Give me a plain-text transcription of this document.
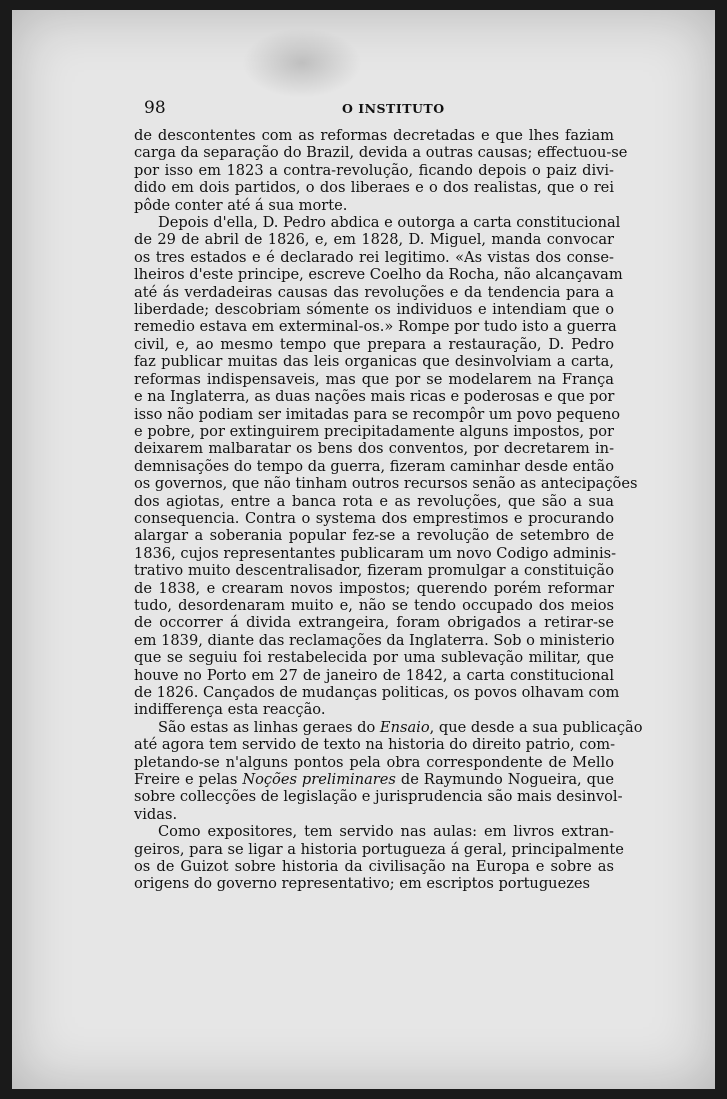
98	O INSTITUTO

de descontentes com as reformas decretadas e que lhes faziam
carga da separação do Brazil, devida a outras causas; effectuou-se
por isso em 1823 a contra-revolução, ficando depois o paiz divi-
dido em dois partidos, o dos liberaes e o dos realistas, que o rei
pôde conter até á sua morte.

Depois d'ella, D. Pedro abdica e outorga a carta constitucional
de 29 de abril de 1826, e, em 1828, D. Miguel, manda convocar
os tres estados e é declarado rei legitimo. «As vistas dos conse-
lheiros d'este principe, escreve Coelho da Rocha, não alcançavam
até ás verdadeiras causas das revoluções e da tendencia para a
liberdade; descobriam sómente os individuos e intendiam que o
remedio estava em exterminal-os.» Rompe por tudo isto a guerra
civil, e, ao mesmo tempo que prepara a restauração, D. Pedro
faz publicar muitas das leis organicas que desinvolviam a carta,
reformas indispensaveis, mas que por se modelarem na França
e na Inglaterra, as duas nações mais ricas e poderosas e que por
isso não podiam ser imitadas para se recompôr um povo pequeno
e pobre, por extinguirem precipitadamente alguns impostos, por
deixarem malbaratar os bens dos conventos, por decretarem in-
demnisações do tempo da guerra, fizeram caminhar desde então
os governos, que não tinham outros recursos senão as antecipações
dos agiotas, entre a banca rota e as revoluções, que são a sua
consequencia. Contra o systema dos emprestimos e procurando
alargar a soberania popular fez-se a revolução de setembro de
1836, cujos representantes publicaram um novo Codigo adminis-
trativo muito descentralisador, fizeram promulgar a constituição
de 1838, e crearam novos impostos; querendo porém reformar
tudo, desordenaram muito e, não se tendo occupado dos meios
de occorrer á divida extrangeira, foram obrigados a retirar-se
em 1839, diante das reclamações da Inglaterra. Sob o ministerio
que se seguiu foi restabelecida por uma sublevação militar, que
houve no Porto em 27 de janeiro de 1842, a carta constitucional
de 1826. Cançados de mudanças politicas, os povos olhavam com
indifferença esta reacção.

São estas as linhas geraes do Ensaio, que desde a sua publicação
até agora tem servido de texto na historia do direito patrio, com-
pletando-se n'alguns pontos pela obra correspondente de Mello
Freire e pelas Noções preliminares de Raymundo Nogueira, que
sobre collecções de legislação e jurisprudencia são mais desinvol-
vidas.

Como expositores, tem servido nas aulas: em livros extran-
geiros, para se ligar a historia portugueza á geral, principalmente
os de Guizot sobre historia da civilisação na Europa e sobre as
origens do governo representativo; em escriptos portuguezes
